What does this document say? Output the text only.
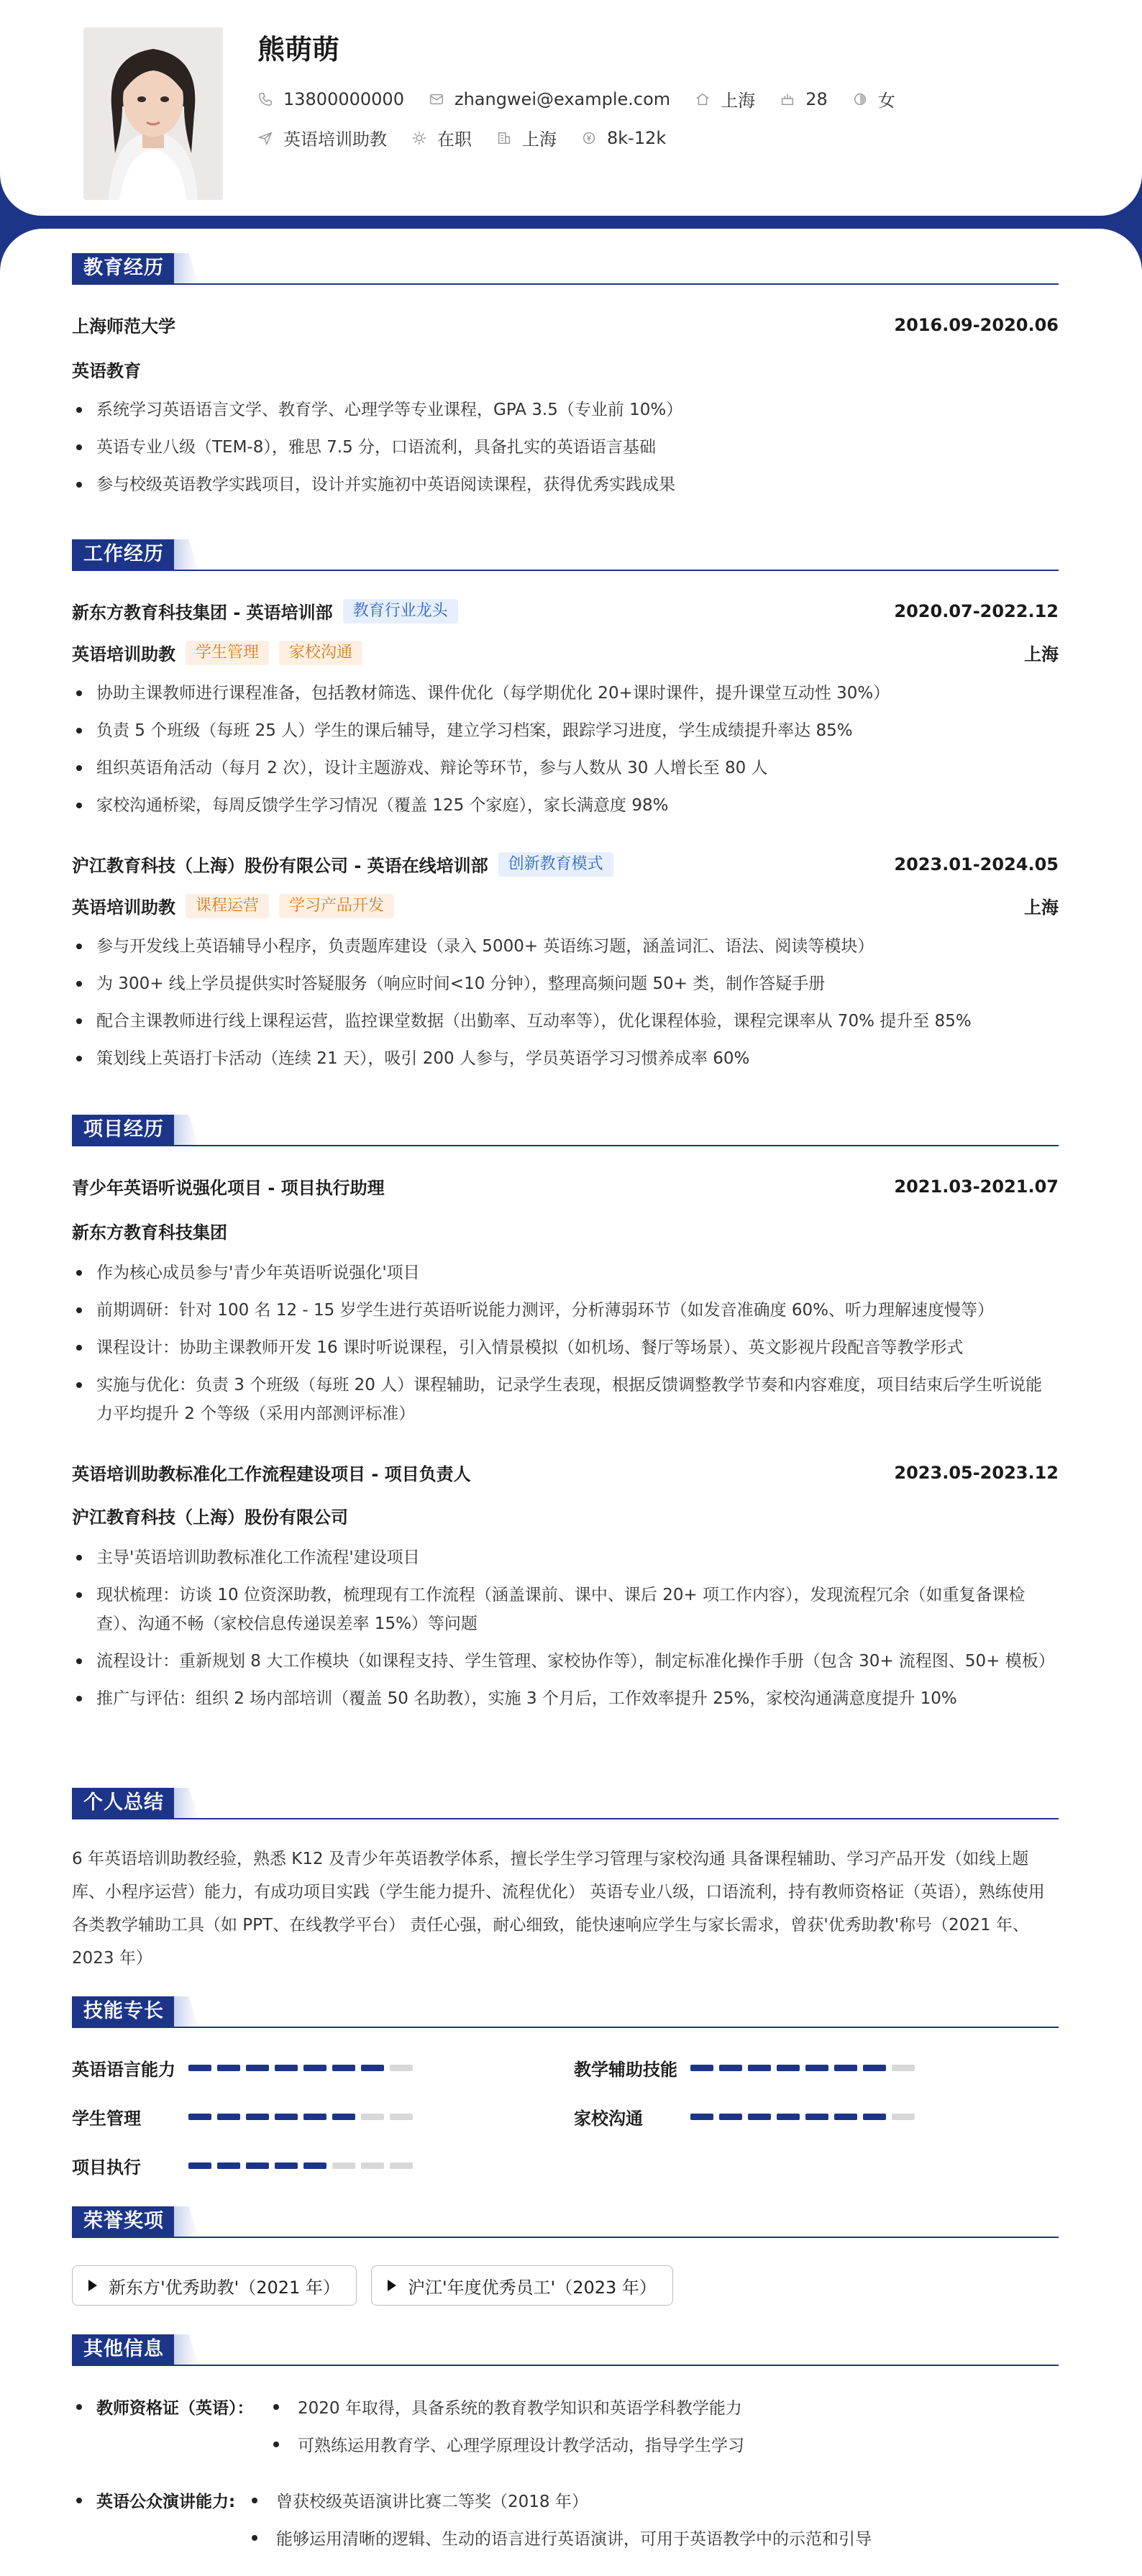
熊萌萌
13800000000	zhangwei@example.com	上海	28	女
英语培训助教	在职	上海	8k-12k
教育经历
上海师范大学	2016.09-2020.06
英语教育
系统学习英语语言文学、教育学、心理学等专业课程，GPA 3.5（专业前 10%）
英语专业八级（TEM-8），雅思 7.5 分，口语流利，具备扎实的英语语言基础
参与校级英语教学实践项目，设计并实施初中英语阅读课程，获得优秀实践成果
工作经历
新东方教育科技集团 - 英语培训部	教育行业龙头	2020.07-2022.12
英语培训助教	学生管理	家校沟通	上海
协助主课教师进行课程准备，包括教材筛选、课件优化（每学期优化 20+课时课件，提升课堂互动性 30%）
负责 5 个班级（每班 25 人）学生的课后辅导，建立学习档案，跟踪学习进度，学生成绩提升率达 85%
组织英语角活动（每月 2 次），设计主题游戏、辩论等环节，参与人数从 30 人增长至 80 人
家校沟通桥梁，每周反馈学生学习情况（覆盖 125 个家庭），家长满意度 98%
沪江教育科技（上海）股份有限公司 - 英语在线培训部	创新教育模式	2023.01-2024.05
英语培训助教	课程运营	学习产品开发	上海
参与开发线上英语辅导小程序，负责题库建设（录入 5000+ 英语练习题，涵盖词汇、语法、阅读等模块）
为 300+ 线上学员提供实时答疑服务（响应时间<10 分钟），整理高频问题 50+ 类，制作答疑手册
配合主课教师进行线上课程运营，监控课堂数据（出勤率、互动率等），优化课程体验，课程完课率从 70% 提升至 85%
策划线上英语打卡活动（连续 21 天），吸引 200 人参与，学员英语学习习惯养成率 60%
项目经历
青少年英语听说强化项目 - 项目执行助理	2021.03-2021.07
新东方教育科技集团
作为核心成员参与'青少年英语听说强化'项目
前期调研：针对 100 名 12 - 15 岁学生进行英语听说能力测评，分析薄弱环节（如发音准确度 60%、听力理解速度慢等）
课程设计：协助主课教师开发 16 课时听说课程，引入情景模拟（如机场、餐厅等场景）、英文影视片段配音等教学形式
实施与优化：负责 3 个班级（每班 20 人）课程辅助，记录学生表现，根据反馈调整教学节奏和内容难度，项目结束后学生听说能力平均提升 2 个等级（采用内部测评标准）
英语培训助教标准化工作流程建设项目 - 项目负责人	2023.05-2023.12
沪江教育科技（上海）股份有限公司
主导'英语培训助教标准化工作流程'建设项目
现状梳理：访谈 10 位资深助教，梳理现有工作流程（涵盖课前、课中、课后 20+ 项工作内容），发现流程冗余（如重复备课检查）、沟通不畅（家校信息传递误差率 15%）等问题
流程设计：重新规划 8 大工作模块（如课程支持、学生管理、家校协作等），制定标准化操作手册（包含 30+ 流程图、50+ 模板）
推广与评估：组织 2 场内部培训（覆盖 50 名助教），实施 3 个月后，工作效率提升 25%，家校沟通满意度提升 10%
个人总结
6 年英语培训助教经验，熟悉 K12 及青少年英语教学体系，擅长学生学习管理与家校沟通 具备课程辅助、学习产品开发（如线上题库、小程序运营）能力，有成功项目实践（学生能力提升、流程优化） 英语专业八级，口语流利，持有教师资格证（英语），熟练使用各类教学辅助工具（如 PPT、在线教学平台） 责任心强，耐心细致，能快速响应学生与家长需求，曾获'优秀助教'称号（2021 年、2023 年）
技能专长
英语语言能力	教学辅助技能
学生管理	家校沟通
项目执行
荣誉奖项
新东方'优秀助教'（2021 年）	沪江'年度优秀员工'（2023 年）
其他信息
教师资格证（英语）：	2020 年取得，具备系统的教育教学知识和英语学科教学能力
可熟练运用教育学、心理学原理设计教学活动，指导学生学习
英语公众演讲能力:	曾获校级英语演讲比赛二等奖（2018 年）
能够运用清晰的逻辑、生动的语言进行英语演讲，可用于英语教学中的示范和引导
